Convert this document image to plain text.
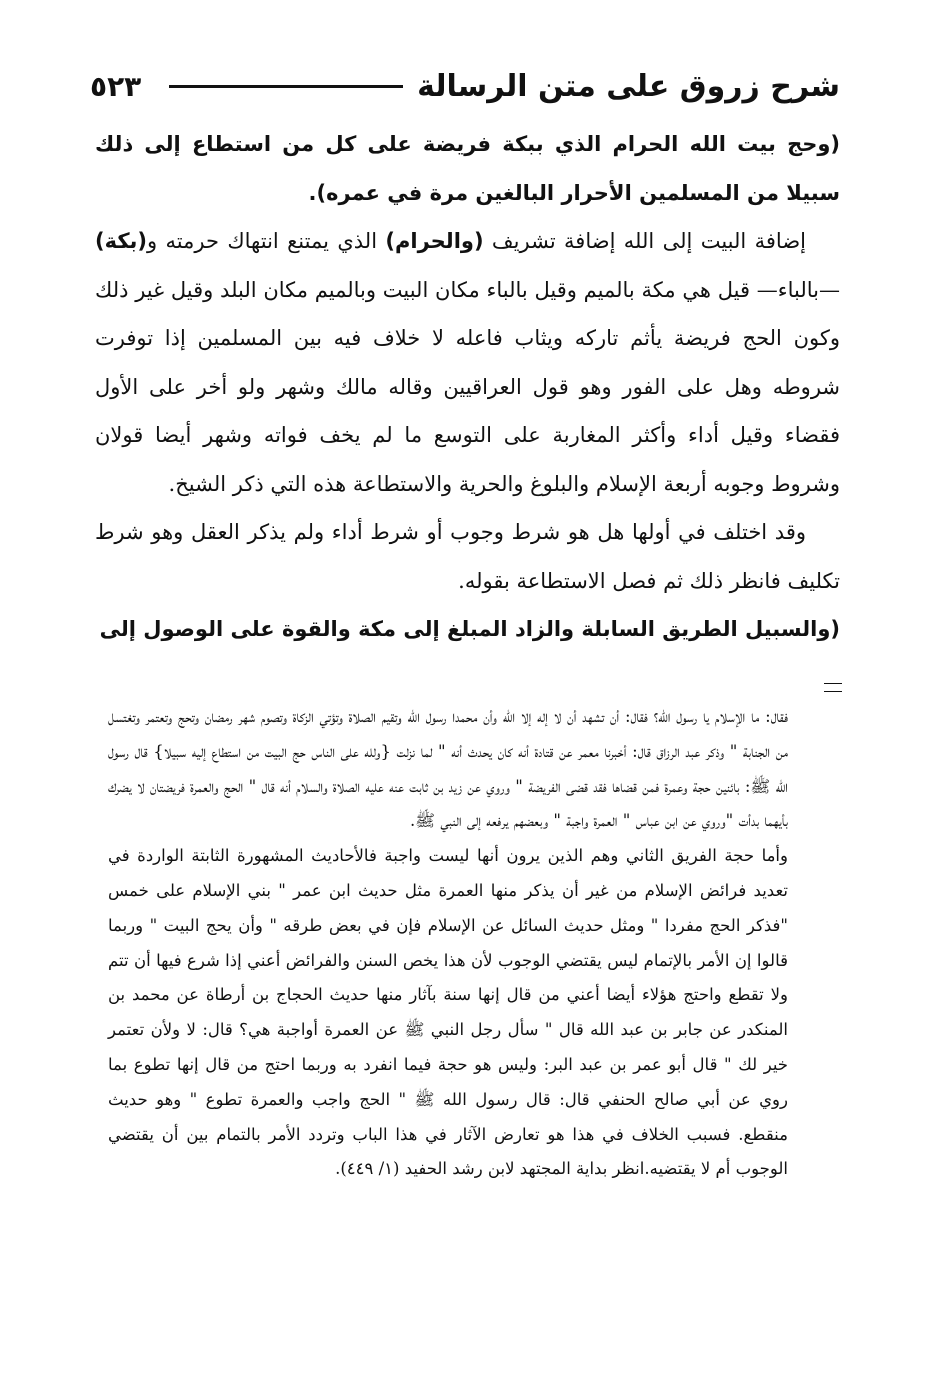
شرح زروق على متن الرسالة
٥٢٣

(وحج بيت الله الحرام الذي ببكة فريضة على كل من استطاع إلى ذلك سبيلا من المسلمين الأحرار البالغين مرة في عمره).

إضافة البيت إلى الله إضافة تشريف (والحرام) الذي يمتنع انتهاك حرمته و(بكة) —بالباء— قيل هي مكة بالميم وقيل بالباء مكان البيت وبالميم مكان البلد وقيل غير ذلك وكون الحج فريضة يأثم تاركه ويثاب فاعله لا خلاف فيه بين المسلمين إذا توفرت شروطه وهل على الفور وهو قول العراقيين وقاله مالك وشهر ولو أخر على الأول فقضاء وقيل أداء وأكثر المغاربة على التوسع ما لم يخف فواته وشهر أيضا قولان وشروط وجوبه أربعة الإسلام والبلوغ والحرية والاستطاعة هذه التي ذكر الشيخ.

وقد اختلف في أولها هل هو شرط وجوب أو شرط أداء ولم يذكر العقل وهو شرط تكليف فانظر ذلك ثم فصل الاستطاعة بقوله.

(والسبيل الطريق السابلة والزاد المبلغ إلى مكة والقوة على الوصول إلى

فقال: ما الإسلام يا رسول الله؟ فقال: أن تشهد أن لا إله إلا الله وأن محمدا رسول الله وتقيم الصلاة وتؤتي الزكاة وتصوم شهر رمضان وتحج وتعتمر وتغتسل من الجنابة " وذكر عبد الرزاق قال: أخبرنا معمر عن قتادة أنه كان يحدث أنه " لما نزلت {ولله على الناس حج البيت من استطاع إليه سبيلا} قال رسول الله ﷺ: بائنين حجة وعمرة فمن قضاها فقد قضى الفريضة " وروي عن زيد بن ثابت عنه عليه الصلاة والسلام أنه قال " الحج والعمرة فريضتان لا يضرك بأيهما بدأت "وروي عن ابن عباس " العمرة واجبة " وبعضهم يرفعه إلى النبي ﷺ.

وأما حجة الفريق الثاني وهم الذين يرون أنها ليست واجبة فالأحاديث المشهورة الثابتة الواردة في تعديد فرائض الإسلام من غير أن يذكر منها العمرة مثل حديث ابن عمر " بني الإسلام على خمس "فذكر الحج مفردا " ومثل حديث السائل عن الإسلام فإن في بعض طرقه " وأن يحج البيت " وربما قالوا إن الأمر بالإتمام ليس يقتضي الوجوب لأن هذا يخص السنن والفرائض أعني إذا شرع فيها أن تتم ولا تقطع واحتج هؤلاء أيضا أعني من قال إنها سنة بآثار منها حديث الحجاج بن أرطاة عن محمد بن المنكدر عن جابر بن عبد الله قال " سأل رجل النبي ﷺ عن العمرة أواجبة هي؟ قال: لا ولأن تعتمر خير لك " قال أبو عمر بن عبد البر: وليس هو حجة فيما انفرد به وربما احتج من قال إنها تطوع بما روي عن أبي صالح الحنفي قال: قال رسول الله ﷺ " الحج واجب والعمرة تطوع " وهو حديث منقطع. فسبب الخلاف في هذا هو تعارض الآثار في هذا الباب وتردد الأمر بالتمام بين أن يقتضي الوجوب أم لا يقتضيه.انظر بداية المجتهد لابن رشد الحفيد (١/ ٤٤٩).
